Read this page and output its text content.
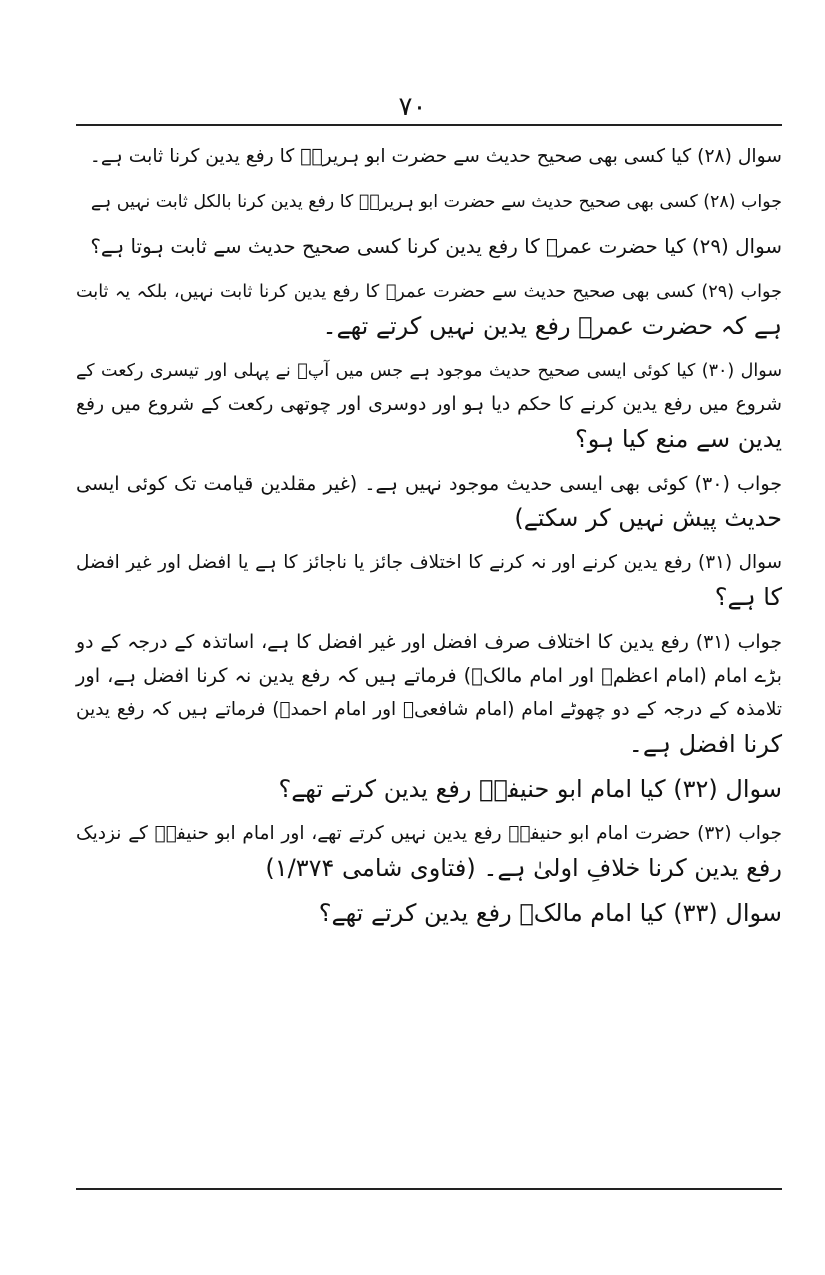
۷۰
سوال (۲۸) کیا کسی بھی صحیح حدیث سے حضرت ابو ہریرہؓ کا رفع یدین کرنا ثابت ہے۔
جواب (۲۸) کسی بھی صحیح حدیث سے حضرت ابو ہریرہؓ کا رفع یدین کرنا بالکل ثابت نہیں ہے
سوال (۲۹) کیا حضرت عمرؓ کا رفع یدین کرنا کسی صحیح حدیث سے ثابت ہوتا ہے؟
جواب (۲۹) کسی بھی صحیح حدیث سے حضرت عمرؓ کا رفع یدین کرنا ثابت نہیں، بلکہ یہ ثابت
ہے کہ حضرت عمرؓ رفع یدین نہیں کرتے تھے۔
سوال (۳۰) کیا کوئی ایسی صحیح حدیث موجود ہے جس میں آپؐ نے پہلی اور تیسری رکعت کے
شروع میں رفع یدین کرنے کا حکم دیا ہو اور دوسری اور چوتھی رکعت کے شروع میں رفع
یدین سے منع کیا ہو؟
جواب (۳۰) کوئی بھی ایسی حدیث موجود نہیں ہے۔ (غیر مقلدین قیامت تک کوئی ایسی
حدیث پیش نہیں کر سکتے)
سوال (۳۱) رفع یدین کرنے اور نہ کرنے کا اختلاف جائز یا ناجائز کا ہے یا افضل اور غیر افضل
کا ہے؟
جواب (۳۱) رفع یدین کا اختلاف صرف افضل اور غیر افضل کا ہے، اساتذہ کے درجہ کے دو
بڑے امام (امام اعظمؒ اور امام مالکؒ) فرماتے ہیں کہ رفع یدین نہ کرنا افضل ہے، اور
تلامذہ کے درجہ کے دو چھوٹے امام (امام شافعیؒ اور امام احمدؒ) فرماتے ہیں کہ رفع یدین
کرنا افضل ہے۔
سوال (۳۲) کیا امام ابو حنیفہؒ رفع یدین کرتے تھے؟
جواب (۳۲) حضرت امام ابو حنیفہؒ رفع یدین نہیں کرتے تھے، اور امام ابو حنیفہؒ کے نزدیک
رفع یدین کرنا خلافِ اولیٰ ہے۔ (فتاوی شامی ۱/۳۷۴)
سوال (۳۳) کیا امام مالکؒ رفع یدین کرتے تھے؟
